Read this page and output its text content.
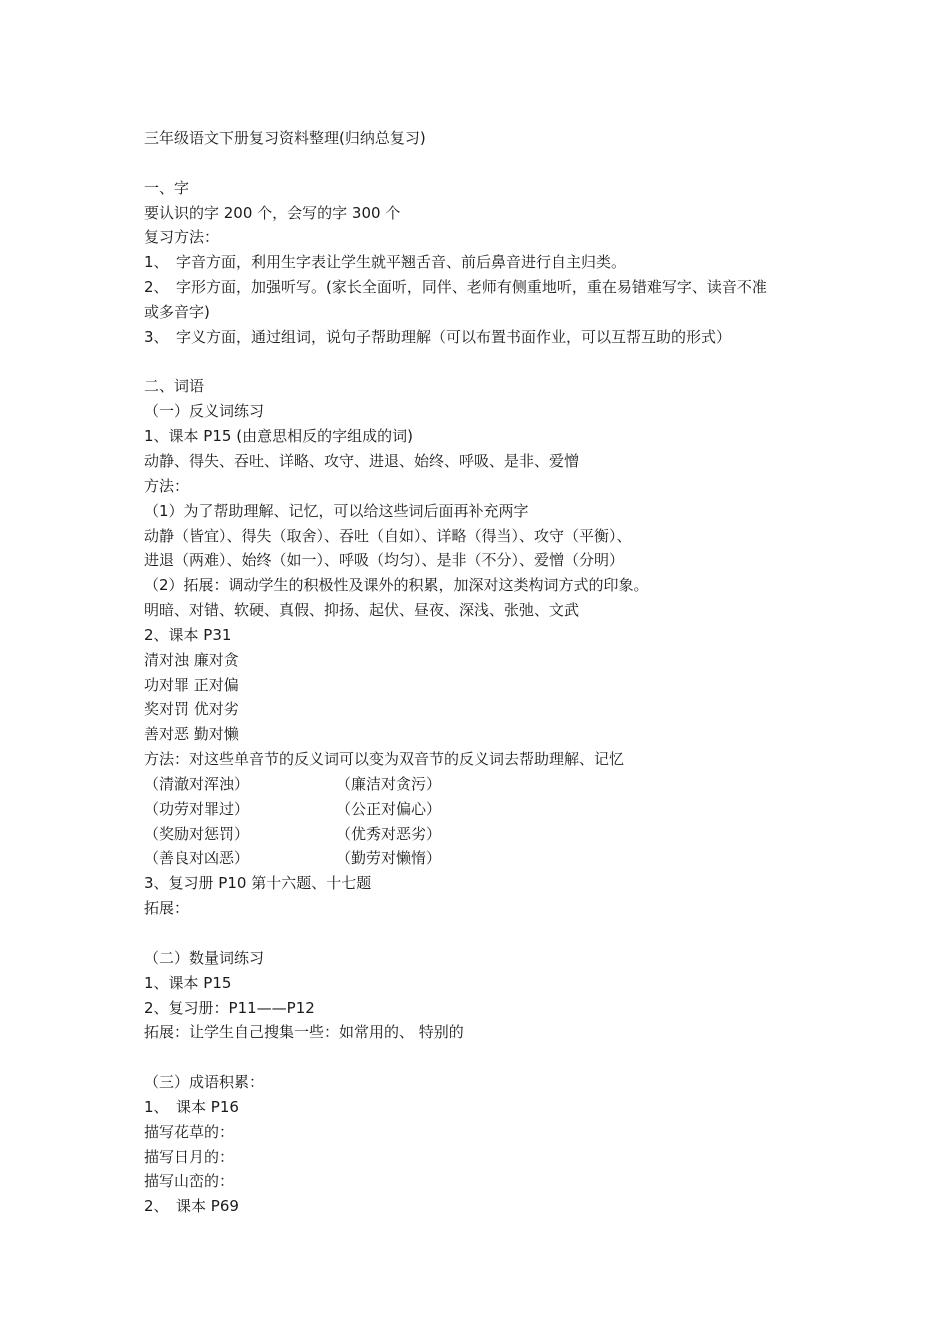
三年级语文下册复习资料整理(归纳总复习)
一、字
要认识的字 200 个，会写的字 300 个
复习方法：
1、　字音方面，利用生字表让学生就平翘舌音、前后鼻音进行自主归类。
2、　字形方面，加强听写。(家长全面听，同伴、老师有侧重地听，重在易错难写字、读音不准
或多音字)
3、　字义方面，通过组词，说句子帮助理解（可以布置书面作业，可以互帮互助的形式）
二、词语
（一）反义词练习
1、课本 P15 (由意思相反的字组成的词)
动静、得失、吞吐、详略、攻守、进退、始终、呼吸、是非、爱憎
方法：
（1）为了帮助理解、记忆，可以给这些词后面再补充两字
动静（皆宜）、得失（取舍）、吞吐（自如）、详略（得当）、攻守（平衡）、
进退（两难）、始终（如一）、呼吸（均匀）、是非（不分）、爱憎（分明）
（2）拓展：调动学生的积极性及课外的积累，加深对这类构词方式的印象。
明暗、对错、软硬、真假、抑扬、起伏、昼夜、深浅、张弛、文武
2、课本 P31
清对浊 廉对贪
功对罪 正对偏
奖对罚 优对劣
善对恶 勤对懒
方法：对这些单音节的反义词可以变为双音节的反义词去帮助理解、记忆
（清澈对浑浊）	（廉洁对贪污）
（功劳对罪过）	（公正对偏心）
（奖励对惩罚）	（优秀对恶劣）
（善良对凶恶）	（勤劳对懒惰）
3、复习册 P10 第十六题、十七题
拓展：
（二）数量词练习
1、课本 P15
2、复习册：P11——P12
拓展：让学生自己搜集一些：如常用的、 特别的
（三）成语积累：
1、　课本 P16
描写花草的：
描写日月的：
描写山峦的：
2、　课本 P69
